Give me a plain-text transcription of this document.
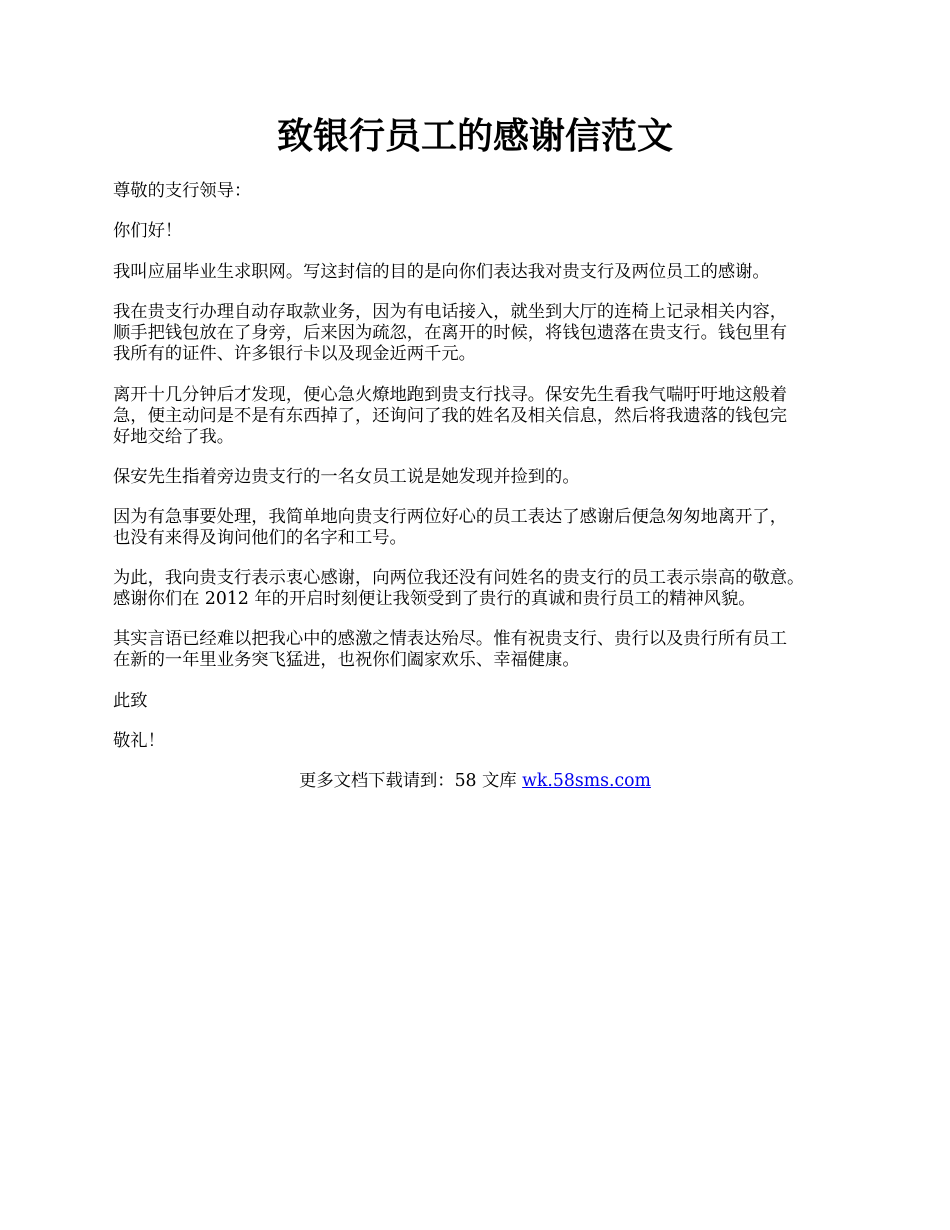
致银行员工的感谢信范文

尊敬的支行领导：

你们好！

我叫应届毕业生求职网。写这封信的目的是向你们表达我对贵支行及两位员工的感谢。

我在贵支行办理自动存取款业务，因为有电话接入，就坐到大厅的连椅上记录相关内容，

顺手把钱包放在了身旁，后来因为疏忽，在离开的时候，将钱包遗落在贵支行。钱包里有

我所有的证件、许多银行卡以及现金近两千元。

离开十几分钟后才发现，便心急火燎地跑到贵支行找寻。保安先生看我气喘吁吁地这般着

急，便主动问是不是有东西掉了，还询问了我的姓名及相关信息，然后将我遗落的钱包完

好地交给了我。

保安先生指着旁边贵支行的一名女员工说是她发现并捡到的。

因为有急事要处理，我简单地向贵支行两位好心的员工表达了感谢后便急匆匆地离开了，

也没有来得及询问他们的名字和工号。

为此，我向贵支行表示衷心感谢，向两位我还没有问姓名的贵支行的员工表示崇高的敬意。

感谢你们在 2012 年的开启时刻便让我领受到了贵行的真诚和贵行员工的精神风貌。

其实言语已经难以把我心中的感激之情表达殆尽。惟有祝贵支行、贵行以及贵行所有员工

在新的一年里业务突飞猛进，也祝你们阖家欢乐、幸福健康。

此致

敬礼！

更多文档下载请到：58 文库 wk.58sms.com
